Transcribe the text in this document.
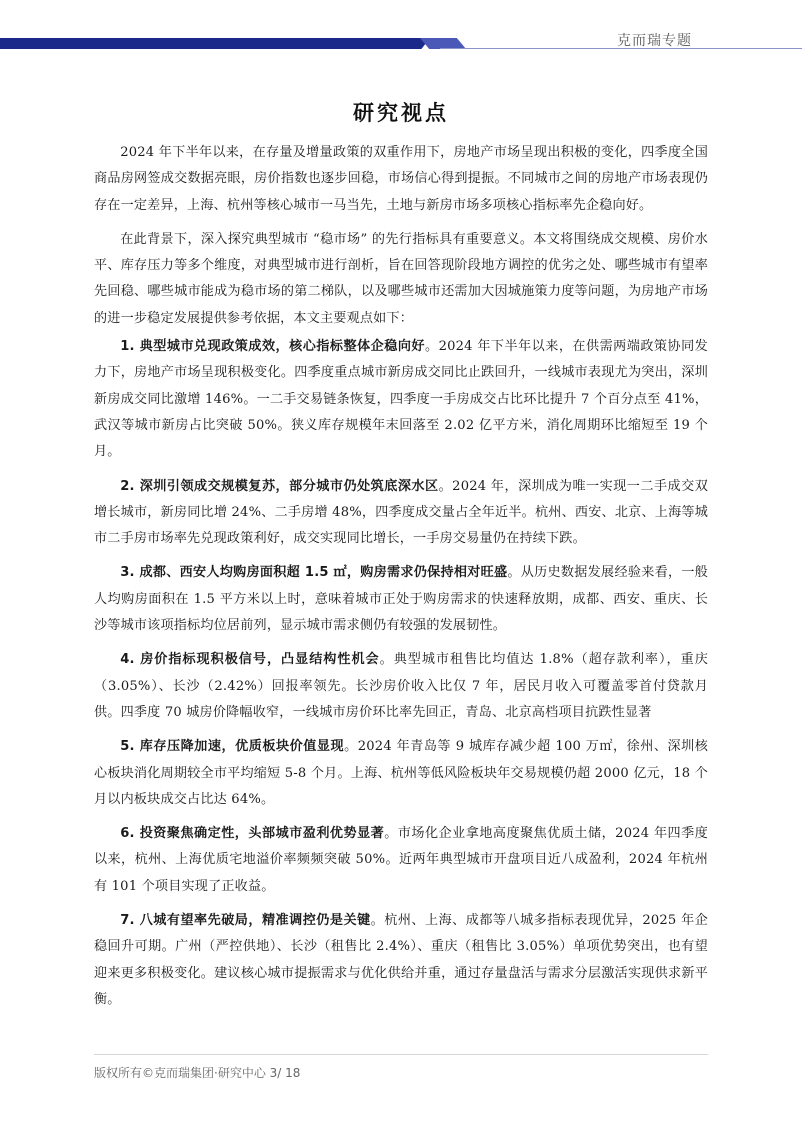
克而瑞专题
研究视点

2024 年下半年以来，在存量及增量政策的双重作用下，房地产市场呈现出积极的变化，四季度全国商品房网签成交数据亮眼，房价指数也逐步回稳，市场信心得到提振。不同城市之间的房地产市场表现仍存在一定差异，上海、杭州等核心城市一马当先，土地与新房市场多项核心指标率先企稳向好。

在此背景下，深入探究典型城市 “稳市场” 的先行指标具有重要意义。本文将围绕成交规模、房价水平、库存压力等多个维度，对典型城市进行剖析，旨在回答现阶段地方调控的优劣之处、哪些城市有望率先回稳、哪些城市能成为稳市场的第二梯队，以及哪些城市还需加大因城施策力度等问题，为房地产市场的进一步稳定发展提供参考依据，本文主要观点如下：

1. 典型城市兑现政策成效，核心指标整体企稳向好。2024 年下半年以来，在供需两端政策协同发力下，房地产市场呈现积极变化。四季度重点城市新房成交同比止跌回升，一线城市表现尤为突出，深圳新房成交同比激增 146%。一二手交易链条恢复，四季度一手房成交占比环比提升 7 个百分点至 41%，武汉等城市新房占比突破 50%。狭义库存规模年末回落至 2.02 亿平方米，消化周期环比缩短至 19 个月。

2. 深圳引领成交规模复苏，部分城市仍处筑底深水区。2024 年，深圳成为唯一实现一二手成交双增长城市，新房同比增 24%、二手房增 48%，四季度成交量占全年近半。杭州、西安、北京、上海等城市二手房市场率先兑现政策利好，成交实现同比增长，一手房交易量仍在持续下跌。

3. 成都、西安人均购房面积超 1.5 ㎡，购房需求仍保持相对旺盛。从历史数据发展经验来看，一般人均购房面积在 1.5 平方米以上时，意味着城市正处于购房需求的快速释放期，成都、西安、重庆、长沙等城市该项指标均位居前列，显示城市需求侧仍有较强的发展韧性。

4. 房价指标现积极信号，凸显结构性机会。典型城市租售比均值达 1.8%（超存款利率），重庆（3.05%）、长沙（2.42%）回报率领先。长沙房价收入比仅 7 年，居民月收入可覆盖零首付贷款月供。四季度 70 城房价降幅收窄，一线城市房价环比率先回正，青岛、北京高档项目抗跌性显著

5. 库存压降加速，优质板块价值显现。2024 年青岛等 9 城库存减少超 100 万㎡，徐州、深圳核心板块消化周期较全市平均缩短 5-8 个月。上海、杭州等低风险板块年交易规模仍超 2000 亿元，18 个月以内板块成交占比达 64%。

6. 投资聚焦确定性，头部城市盈利优势显著。市场化企业拿地高度聚焦优质土储，2024 年四季度以来，杭州、上海优质宅地溢价率频频突破 50%。近两年典型城市开盘项目近八成盈利，2024 年杭州有 101 个项目实现了正收益。

7. 八城有望率先破局，精准调控仍是关键。杭州、上海、成都等八城多指标表现优异，2025 年企稳回升可期。广州（严控供地）、长沙（租售比 2.4%）、重庆（租售比 3.05%）单项优势突出，也有望迎来更多积极变化。建议核心城市提振需求与优化供给并重，通过存量盘活与需求分层激活实现供求新平衡。

版权所有©克而瑞集团·研究中心 3/ 18
